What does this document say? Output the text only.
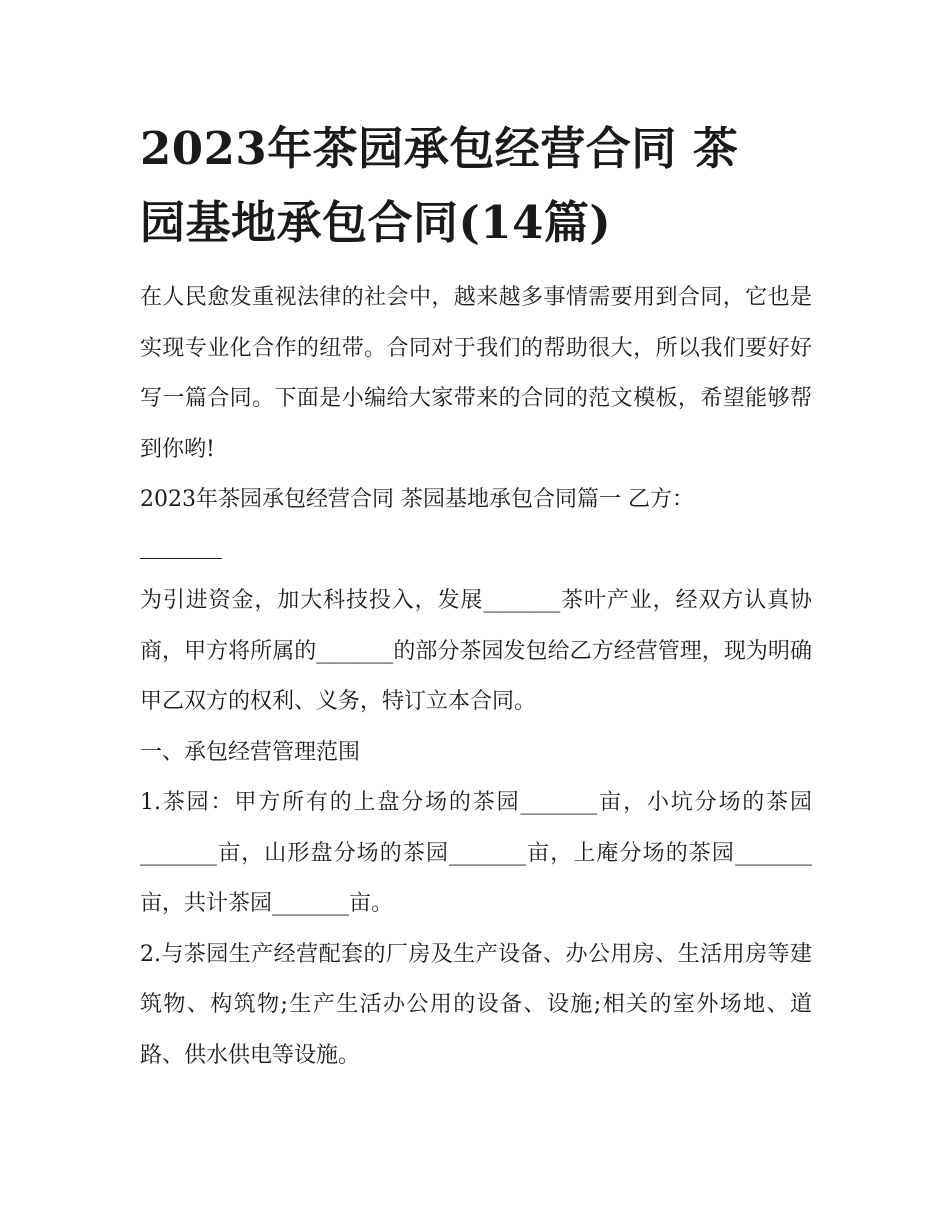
2023年茶园承包经营合同 茶
园基地承包合同(14篇)

在人民愈发重视法律的社会中，越来越多事情需要用到合同，它也是实现专业化合作的纽带。合同对于我们的帮助很大，所以我们要好好写一篇合同。下面是小编给大家带来的合同的范文模板，希望能够帮到你哟!

2023年茶园承包经营合同 茶园基地承包合同篇一 乙方：

为引进资金，加大科技投入，发展_______茶叶产业，经双方认真协商，甲方将所属的_______的部分茶园发包给乙方经营管理，现为明确甲乙双方的权利、义务，特订立本合同。

一、承包经营管理范围

1.茶园：甲方所有的上盘分场的茶园_______亩，小坑分场的茶园_______亩，山形盘分场的茶园_______亩，上庵分场的茶园_______亩，共计茶园_______亩。

2.与茶园生产经营配套的厂房及生产设备、办公用房、生活用房等建筑物、构筑物;生产生活办公用的设备、设施;相关的室外场地、道路、供水供电等设施。
